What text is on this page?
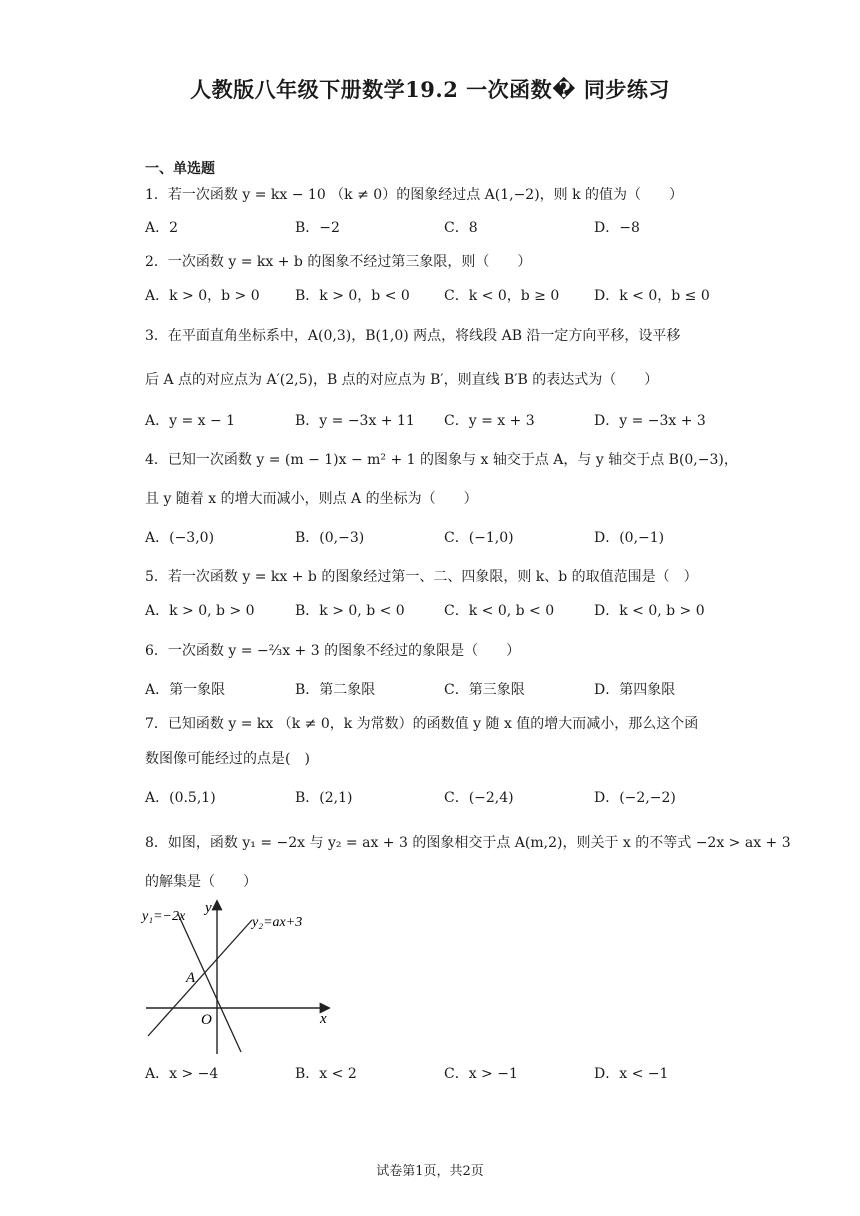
人教版八年级下册数学19.2 一次函数� 同步练习
一、单选题
1．若一次函数 y = kx − 10 （k ≠ 0）的图象经过点 A(1,−2)，则 k 的值为（　　）
A．2	B．−2	C．8	D．−8
2．一次函数 y = kx + b 的图象不经过第三象限，则（　　）
A．k > 0，b > 0	B．k > 0，b < 0 C．k < 0，b ≥ 0 D．k < 0，b ≤ 0
3．在平面直角坐标系中，A(0,3)，B(1,0) 两点，将线段 AB 沿一定方向平移，设平移
后 A 点的对应点为 A′(2,5)，B 点的对应点为 B′，则直线 B′B 的表达式为（　　）
A．y = x − 1	B．y = −3x + 11 C．y = x + 3	D．y = −3x + 3
4．已知一次函数 y = (m − 1)x − m² + 1 的图象与 x 轴交于点 A，与 y 轴交于点 B(0,−3)，
且 y 随着 x 的增大而减小，则点 A 的坐标为（　　）
A．(−3,0)	B．(0,−3)	C．(−1,0)	D．(0,−1)
5．若一次函数 y = kx + b 的图象经过第一、二、四象限，则 k、b 的取值范围是（　）
A．k > 0, b > 0	B．k > 0, b < 0	C．k < 0, b < 0	D．k < 0, b > 0
6．一次函数 y = −⅔x + 3 的图象不经过的象限是（　　）
A．第一象限	B．第二象限	C．第三象限	D．第四象限
7．已知函数 y = kx （k ≠ 0，k 为常数）的函数值 y 随 x 值的增大而减小，那么这个函
数图像可能经过的点是(　)
A．(0.5,1)	B．(2,1)	C．(−2,4)	D．(−2,−2)
8．如图，函数 y₁ = −2x 与 y₂ = ax + 3 的图象相交于点 A(m,2)，则关于 x 的不等式 −2x > ax + 3
的解集是（　　）
y₁=−2x	y₂=ax+3
y
x
O
A
A．x > −4	B．x < 2	C．x > −1	D．x < −1
试卷第1页，共2页
